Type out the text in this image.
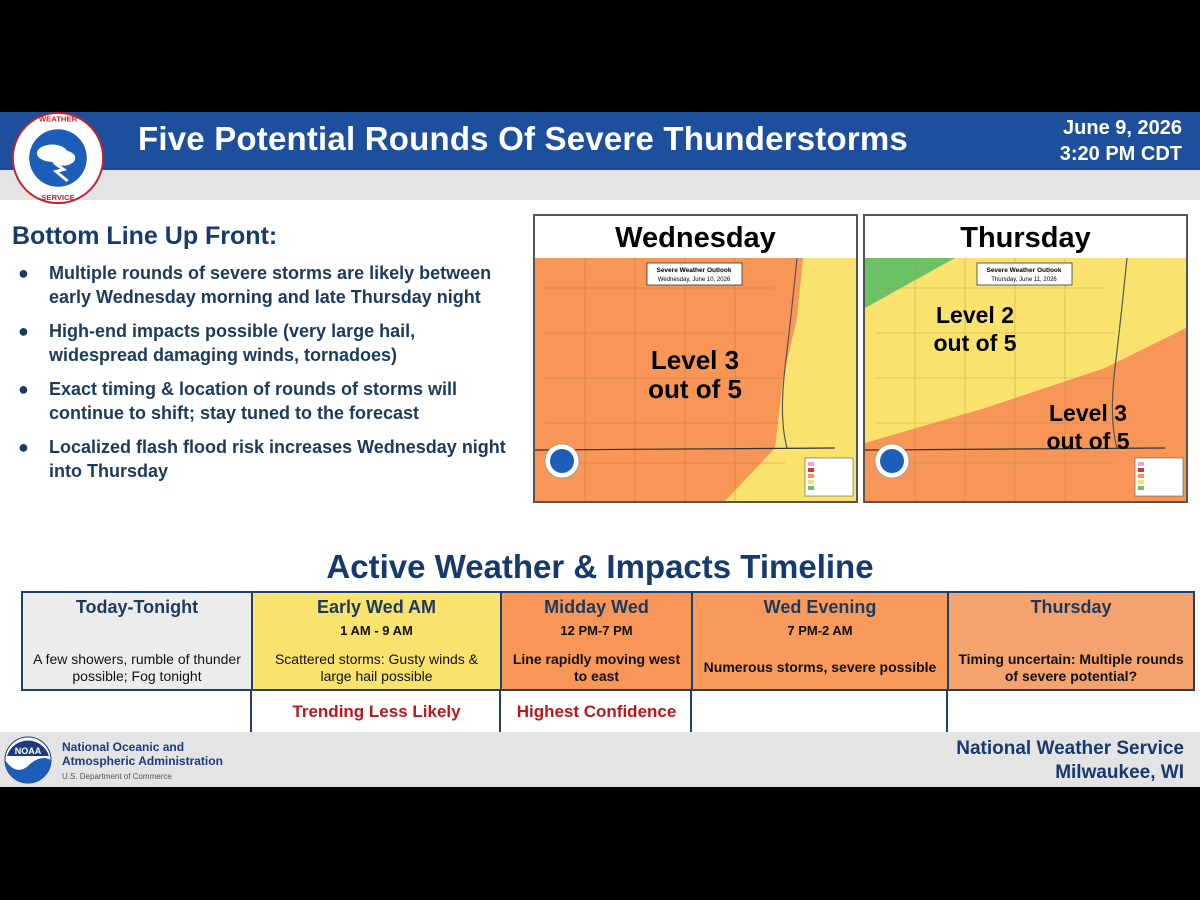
WEATHER
SERVICE
Five Potential Rounds Of Severe Thunderstorms	June 9, 2026
3:20 PM CDT
Bottom Line Up Front:
● Multiple rounds of severe storms are likely between early Wednesday morning and late Thursday night
● High-end impacts possible (very large hail, widespread damaging winds, tornadoes)
● Exact timing & location of rounds of storms will continue to shift; stay tuned to the forecast
● Localized flash flood risk increases Wednesday night into Thursday
Wednesday
Severe Weather Outlook
Wednesday, June 10, 2026
Level 3
out of 5
Thursday
Severe Weather Outlook
Thursday, June 11, 2026
Level 2
out of 5
Level 3
out of 5
Active Weather & Impacts Timeline
Today-Tonight
A few showers, rumble of thunder possible; Fog tonight
Early Wed AM
1 AM - 9 AM
Scattered storms: Gusty winds & large hail possible
Midday Wed
12 PM-7 PM
Line rapidly moving west to east
Wed Evening
7 PM-2 AM
Numerous storms, severe possible
Thursday
Timing uncertain: Multiple rounds of severe potential?
Trending Less Likely	Highest Confidence
NOAA National Oceanic and
Atmospheric Administration
U.S. Department of Commerce
National Weather Service
Milwaukee, WI
